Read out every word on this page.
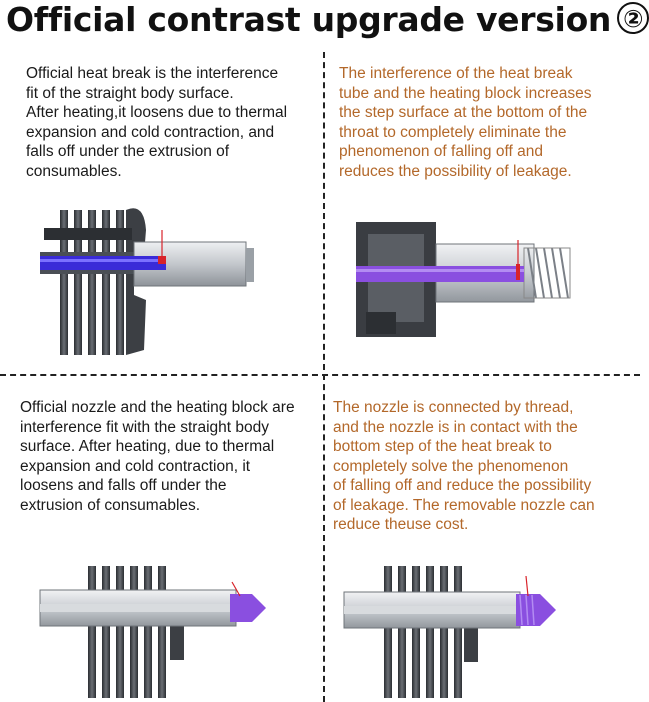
Official contrast upgrade version ②
Official heat break is the interference
fit of the straight body surface.
After heating,it loosens due to thermal
expansion and cold contraction, and
falls off under the extrusion of
consumables.
The interference of the heat break
tube and the heating block increases
the step surface at the bottom of the
throat to completely eliminate the
phenomenon of falling off and
reduces the possibility of leakage.
Official nozzle and the heating block are
interference fit with the straight body
surface. After heating, due to thermal
expansion and cold contraction, it
loosens and falls off under the
extrusion of consumables.
The nozzle is connected by thread,
and the nozzle is in contact with the
bottom step of the heat break to
completely solve the phenomenon
of falling off and reduce the possibility
of leakage. The removable nozzle can
reduce theuse cost.
